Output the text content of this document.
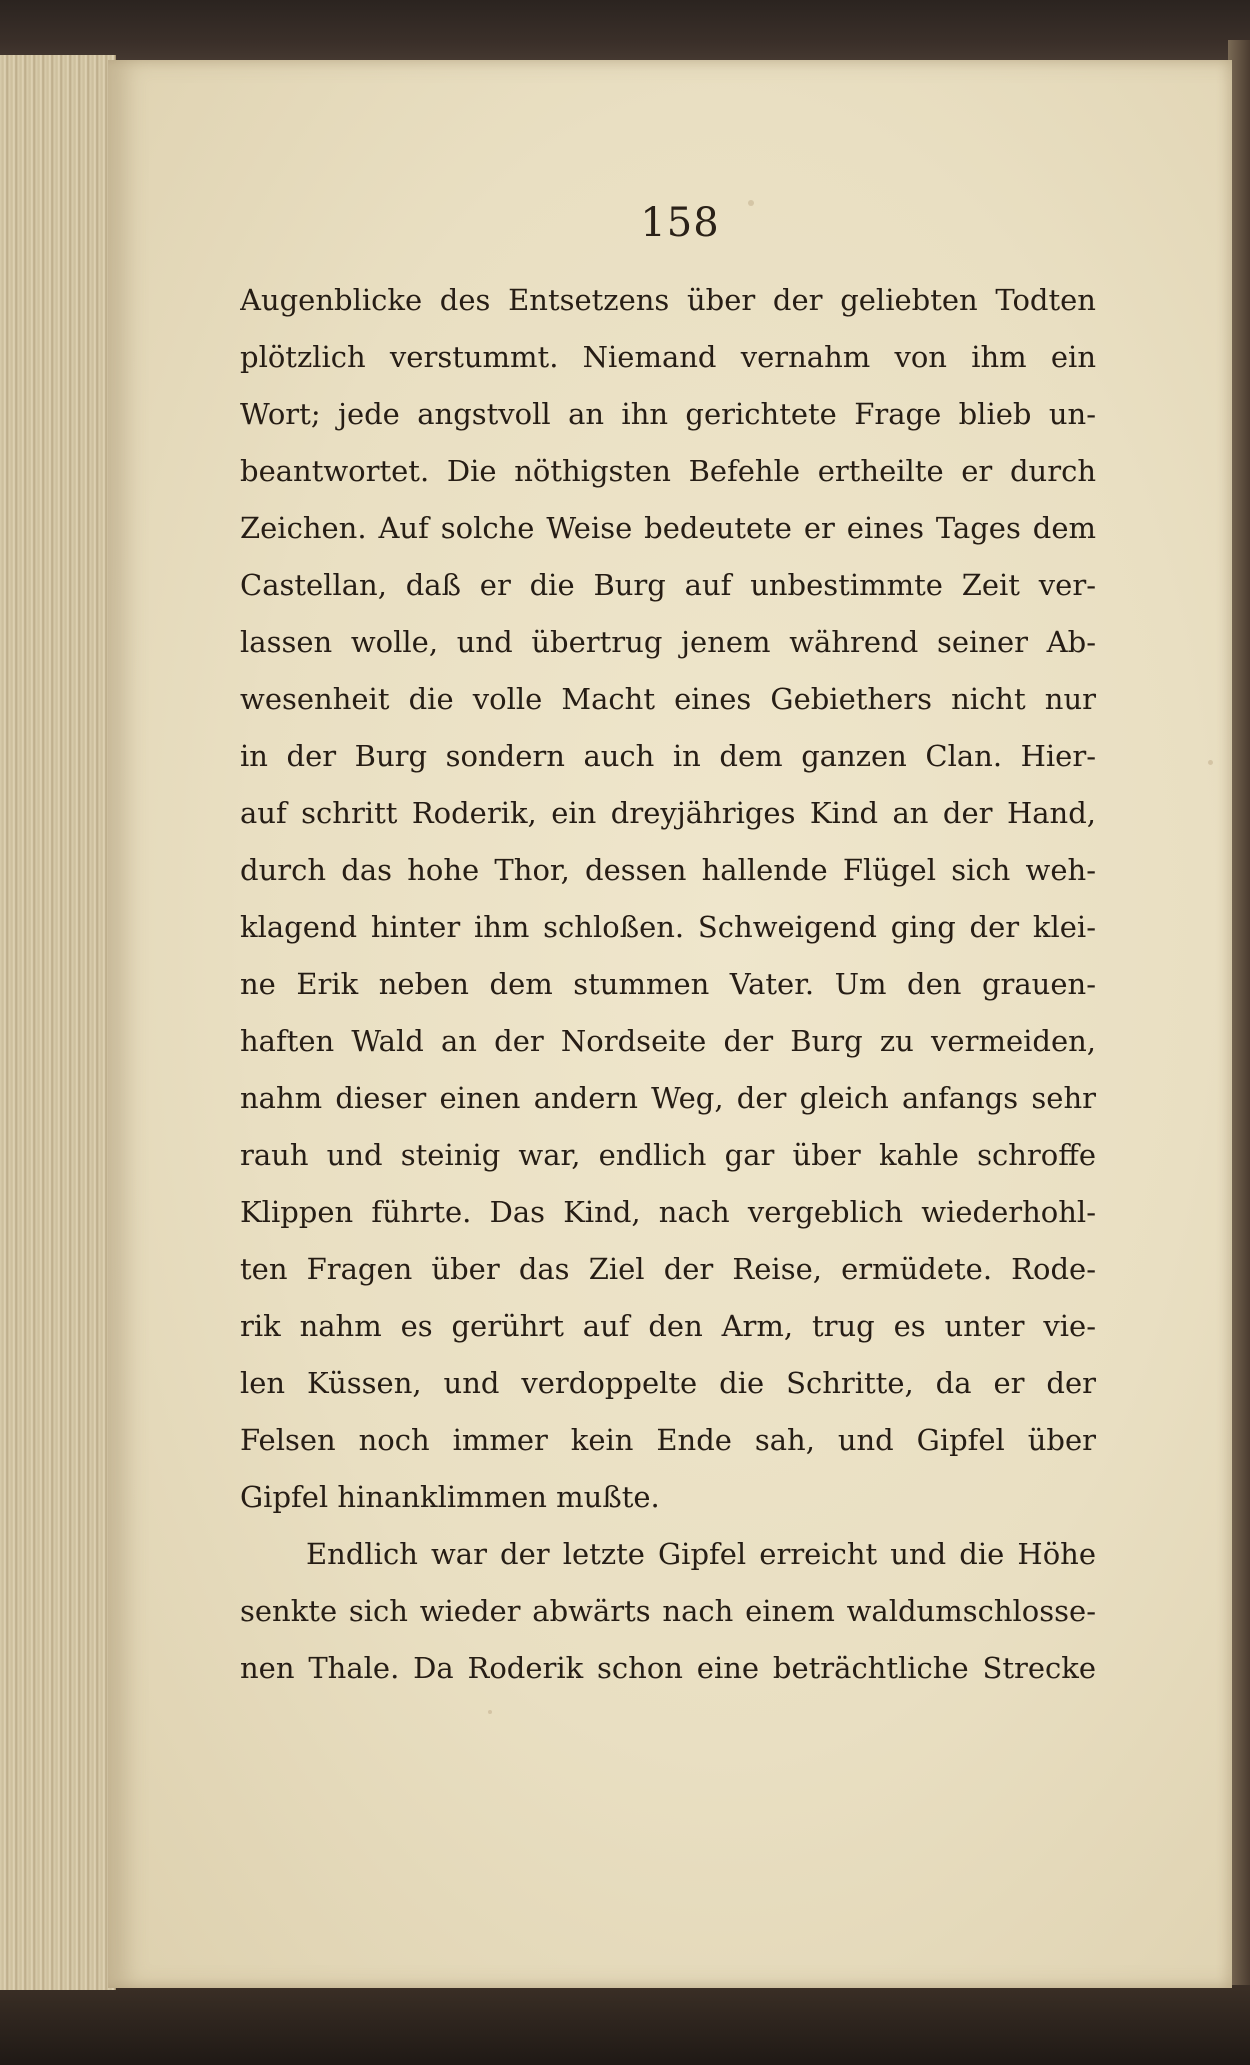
158
Augenblicke des Entsetzens über der geliebten Todten
plötzlich verstummt. Niemand vernahm von ihm ein
Wort; jede angstvoll an ihn gerichtete Frage blieb un-
beantwortet. Die nöthigsten Befehle ertheilte er durch
Zeichen. Auf solche Weise bedeutete er eines Tages dem
Castellan, daß er die Burg auf unbestimmte Zeit ver-
lassen wolle, und übertrug jenem während seiner Ab-
wesenheit die volle Macht eines Gebiethers nicht nur
in der Burg sondern auch in dem ganzen Clan. Hier-
auf schritt Roderik, ein dreyjähriges Kind an der Hand,
durch das hohe Thor, dessen hallende Flügel sich weh-
klagend hinter ihm schloßen. Schweigend ging der klei-
ne Erik neben dem stummen Vater. Um den grauen-
haften Wald an der Nordseite der Burg zu vermeiden,
nahm dieser einen andern Weg, der gleich anfangs sehr
rauh und steinig war, endlich gar über kahle schroffe
Klippen führte. Das Kind, nach vergeblich wiederhohl-
ten Fragen über das Ziel der Reise, ermüdete. Rode-
rik nahm es gerührt auf den Arm, trug es unter vie-
len Küssen, und verdoppelte die Schritte, da er der
Felsen noch immer kein Ende sah, und Gipfel über
Gipfel hinanklimmen mußte.
Endlich war der letzte Gipfel erreicht und die Höhe
senkte sich wieder abwärts nach einem waldumschlosse-
nen Thale. Da Roderik schon eine beträchtliche Strecke
